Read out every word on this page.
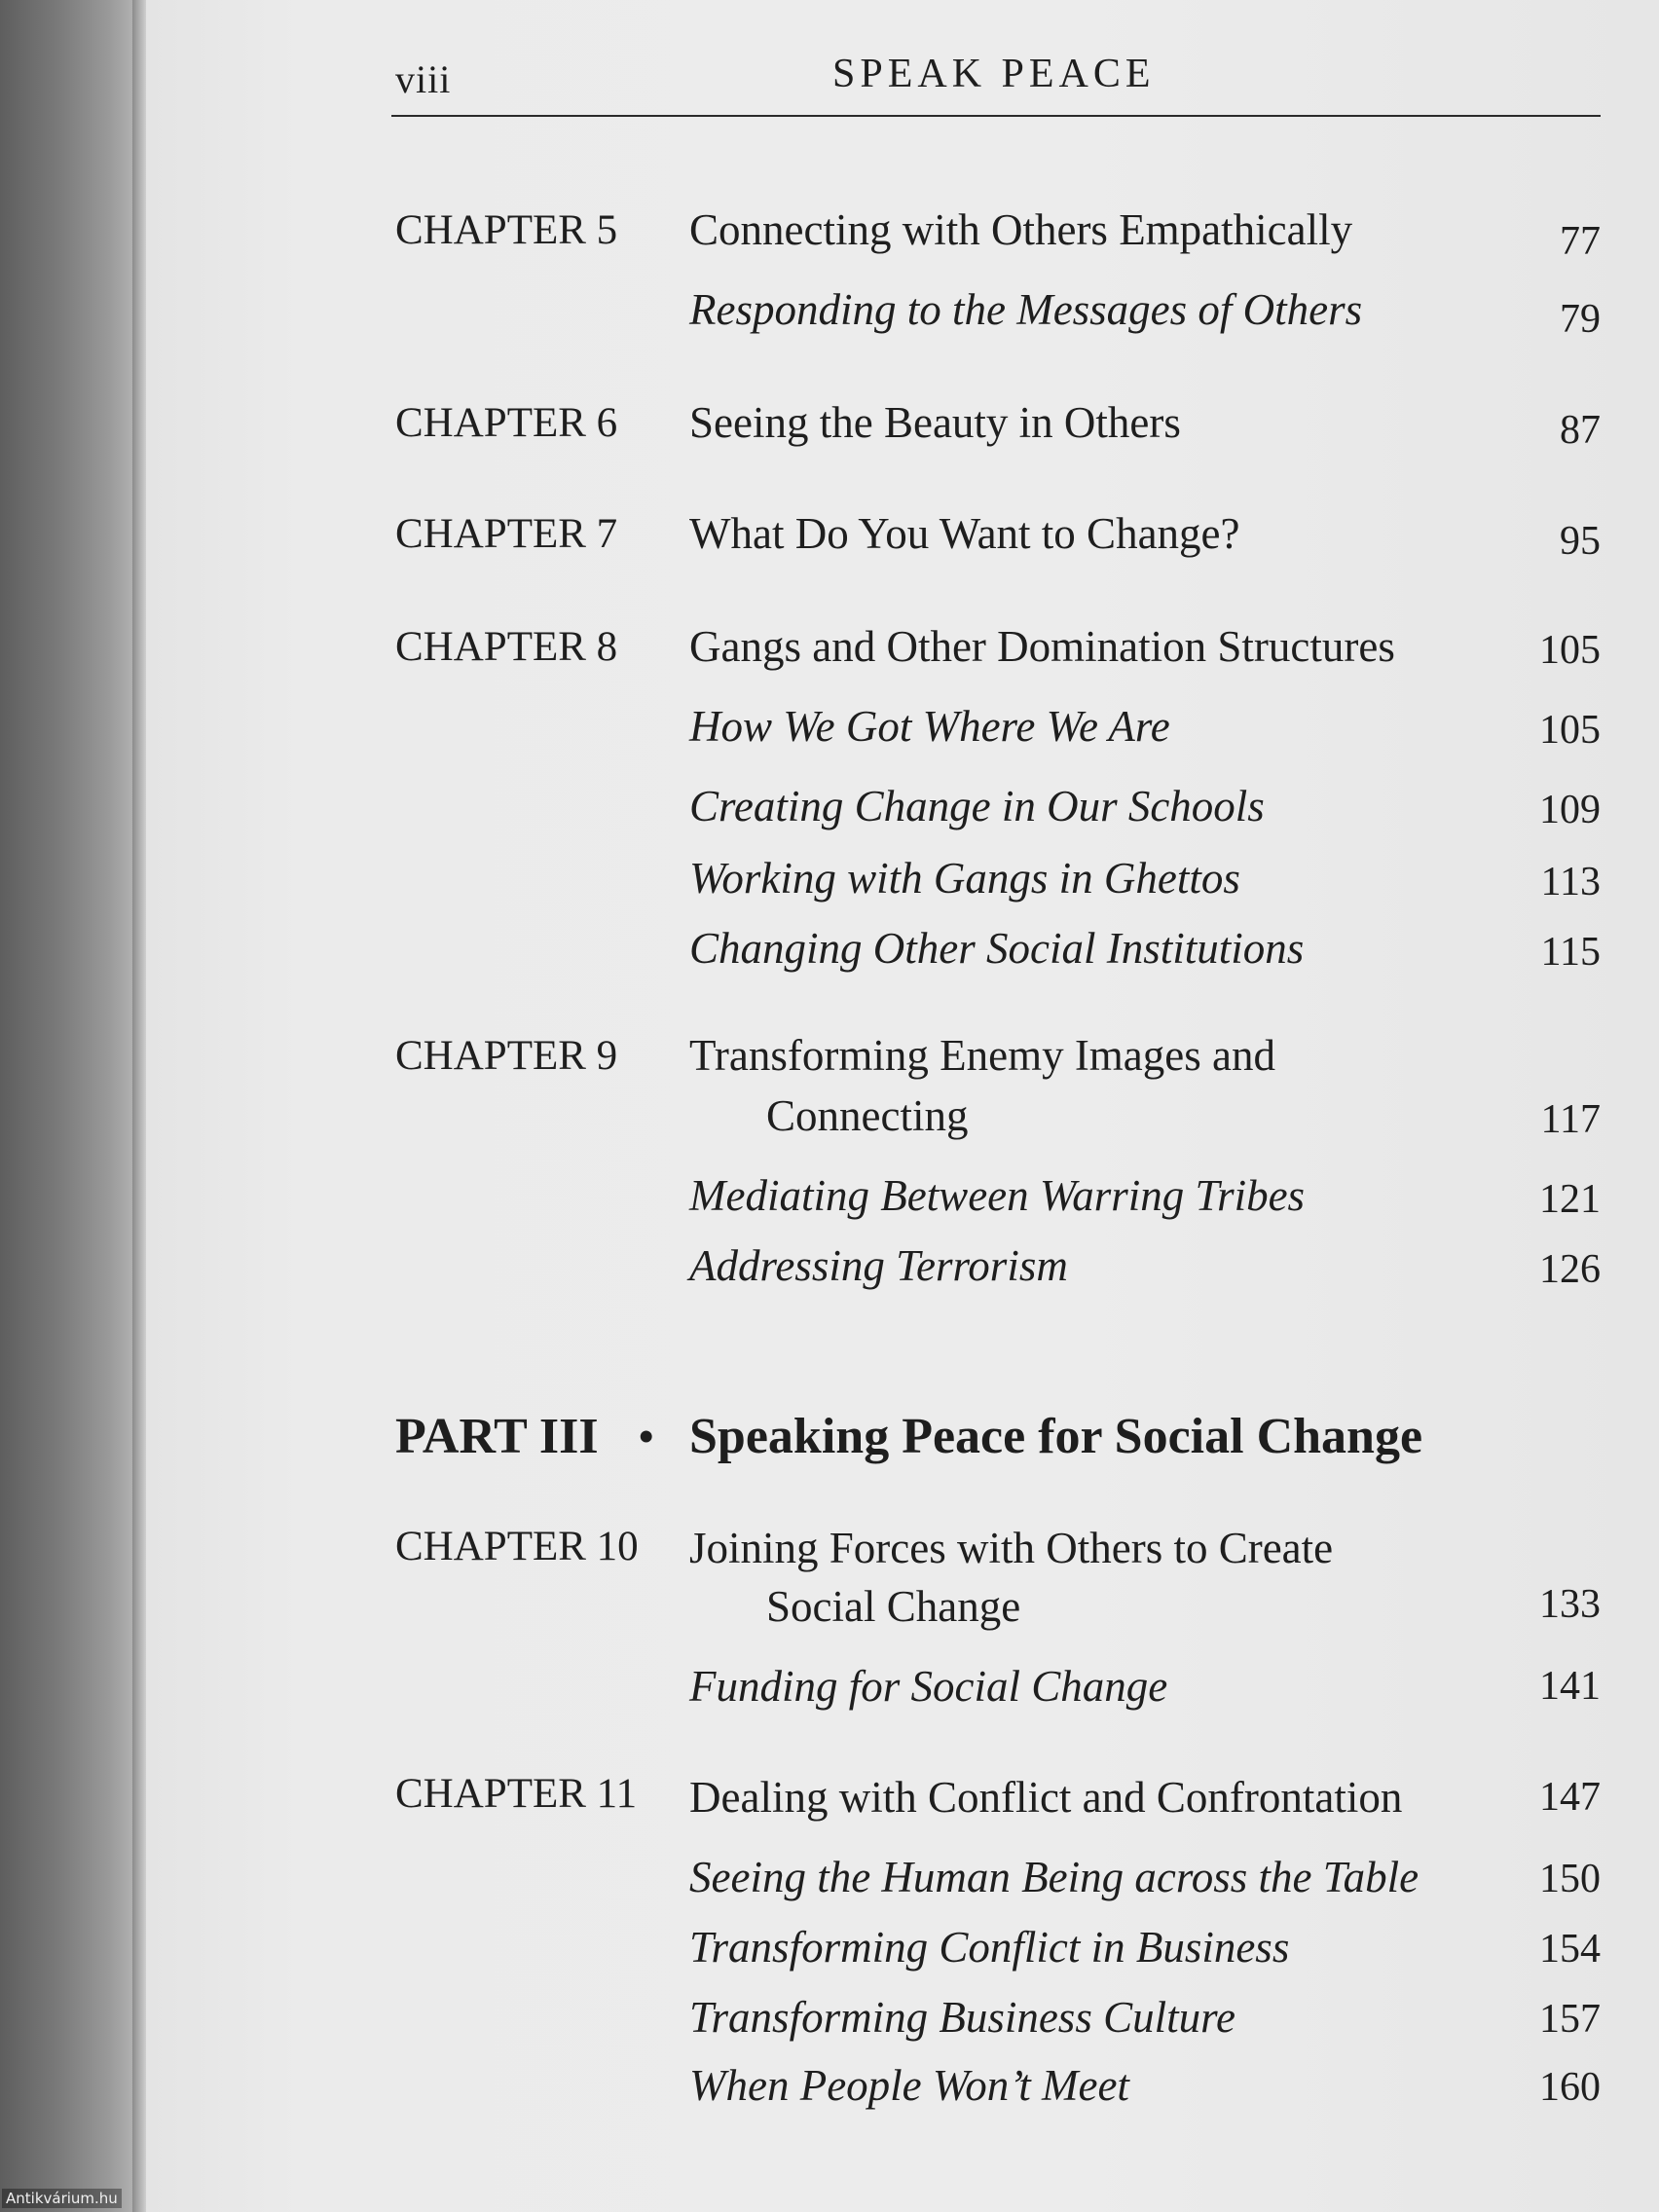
Antikvárium.hu
viii	SPEAK PEACE
CHAPTER 5 Connecting with Others Empathically	77
Responding to the Messages of Others	79
CHAPTER 6 Seeing the Beauty in Others	87
CHAPTER 7 What Do You Want to Change?	95
CHAPTER 8 Gangs and Other Domination Structures	105
How We Got Where We Are	105
Creating Change in Our Schools	109
Working with Gangs in Ghettos	113
Changing Other Social Institutions	115
CHAPTER 9 Transforming Enemy Images and
Connecting	117
Mediating Between Warring Tribes	121
Addressing Terrorism	126
PART III • Speaking Peace for Social Change
CHAPTER 10 Joining Forces with Others to Create
Social Change	133
Funding for Social Change	141
CHAPTER 11 Dealing with Conflict and Confrontation	147
Seeing the Human Being across the Table	150
Transforming Conflict in Business	154
Transforming Business Culture	157
When People Won’t Meet	160
